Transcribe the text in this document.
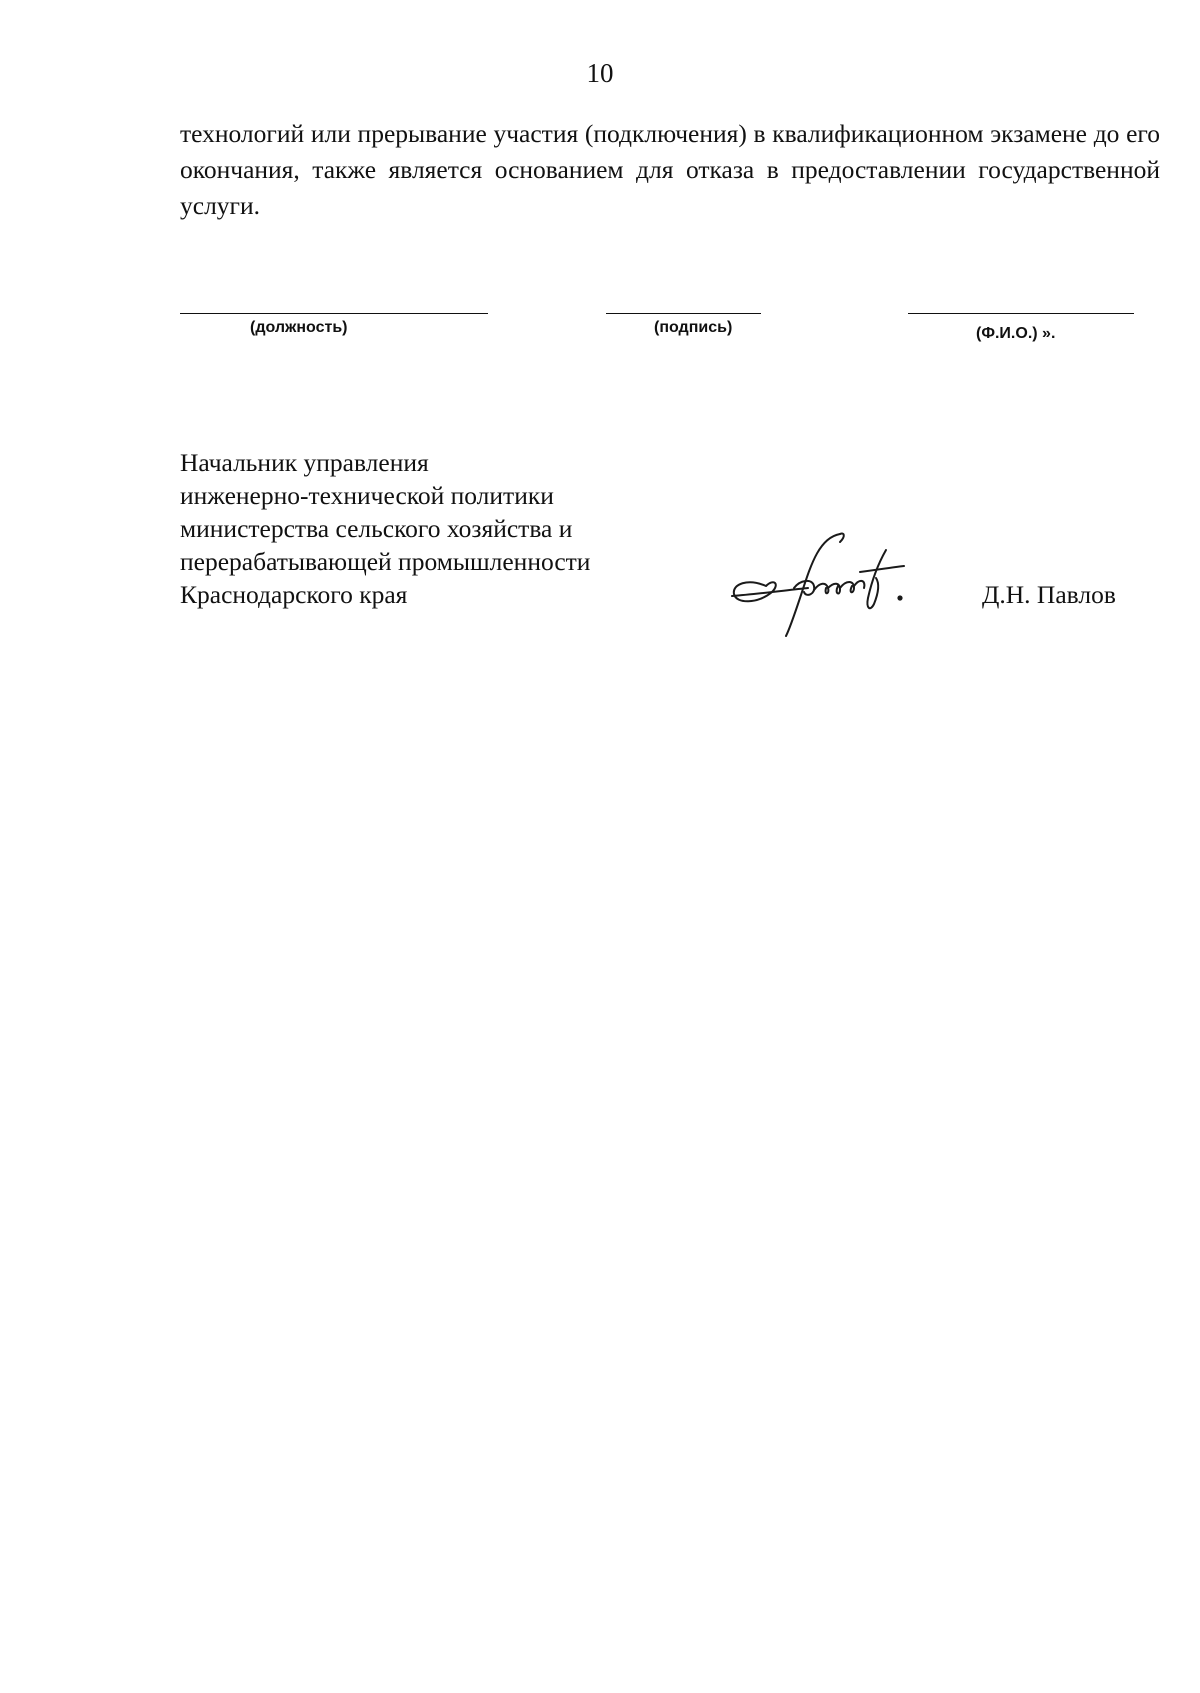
10
технологий или прерывание участия (подключения) в квалификационном экзамене до его окончания, также является основанием для отказа в предоставлении государственной услуги.
(должность)	(подпись)	(Ф.И.О.) ».
Начальник управления
инженерно-технической политики
министерства сельского хозяйства и
перерабатывающей промышленности
Краснодарского края	Д.Н. Павлов
